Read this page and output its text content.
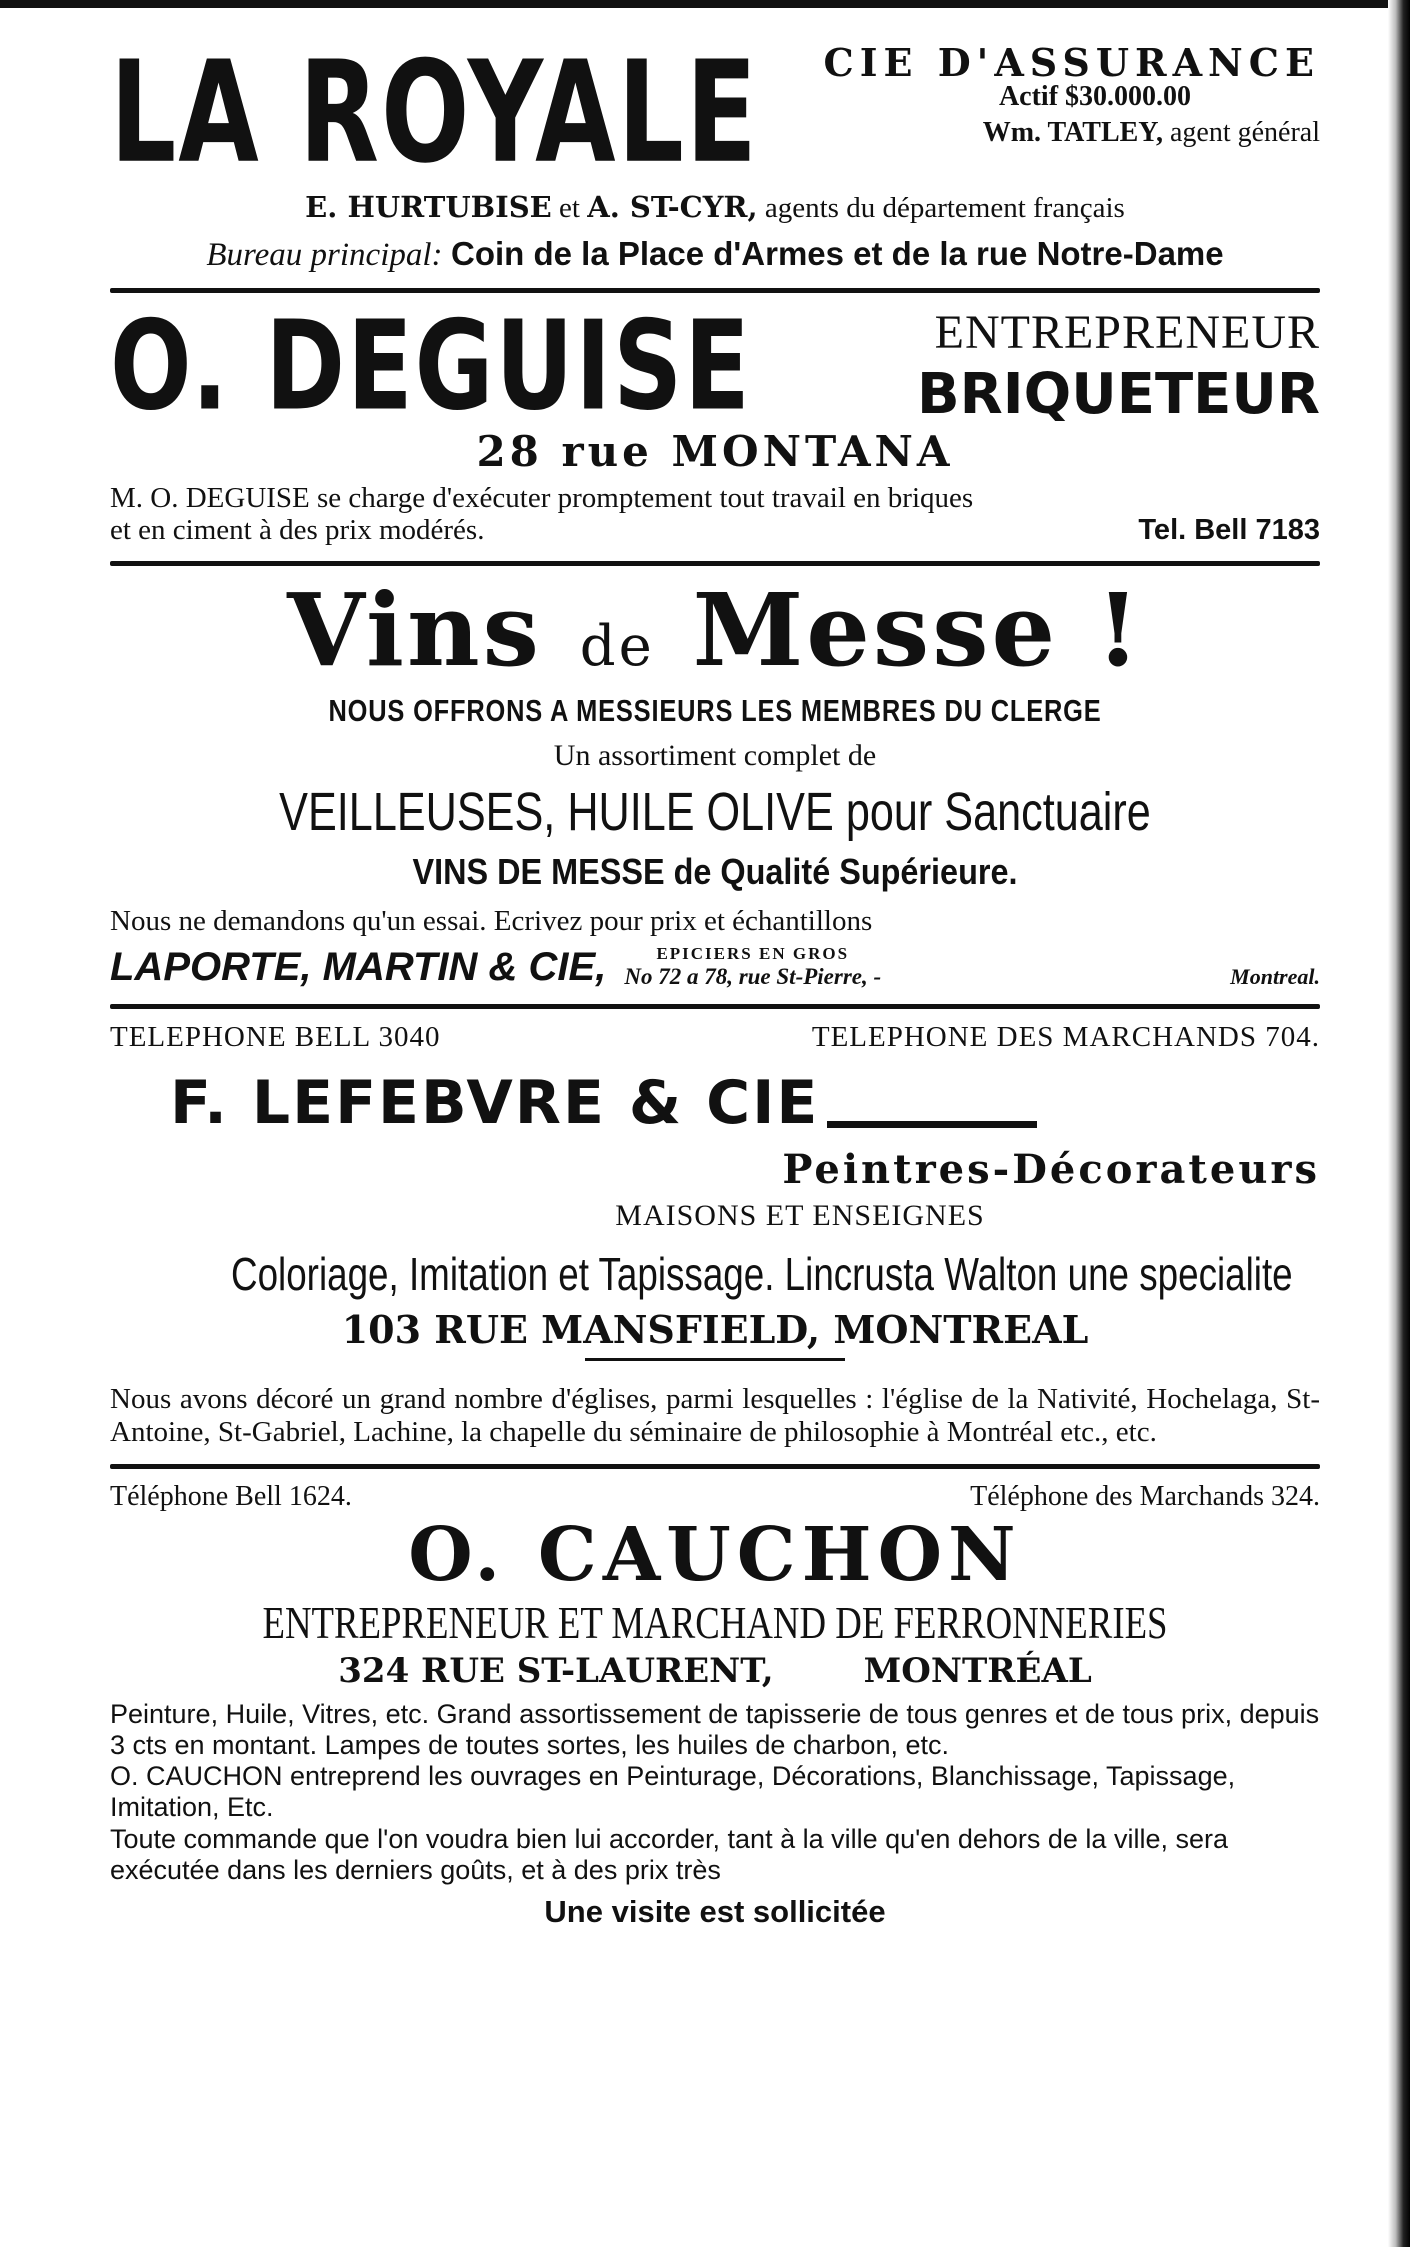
LA ROYALE	CIE D'ASSURANCE
Actif $30.000.00
Wm. TATLEY, agent général
E. HURTUBISE et A. ST-CYR, agents du département français
Bureau principal: Coin de la Place d'Armes et de la rue Notre-Dame
O. DEGUISE	ENTREPRENEUR
BRIQUETEUR
28 rue MONTANA
M. O. DEGUISE se charge d'exécuter promptement tout travail en briques
et en ciment à des prix modérés.	Tel. Bell 7183
Vins de Messe !
NOUS OFFRONS A MESSIEURS LES MEMBRES DU CLERGE
Un assortiment complet de
VEILLEUSES, HUILE OLIVE pour Sanctuaire
VINS DE MESSE de Qualité Supérieure.
Nous ne demandons qu'un essai. Ecrivez pour prix et échantillons
LAPORTE, MARTIN & CIE,	EPICIERS EN GROS
No 72 a 78, rue St-Pierre, -	Montreal.
TELEPHONE BELL 3040	TELEPHONE DES MARCHANDS 704.
F. LEFEBVRE & CIE
Peintres-Décorateurs
MAISONS ET ENSEIGNES
Coloriage, Imitation et Tapissage. Lincrusta Walton une specialite
103 RUE MANSFIELD, MONTREAL
Nous avons décoré un grand nombre d'églises, parmi lesquelles : l'église de la Nativité, Hochelaga, St-Antoine, St-Gabriel, Lachine, la chapelle du séminaire de philosophie à Montréal etc., etc.
Téléphone Bell 1624.	Téléphone des Marchands 324.
O. CAUCHON
ENTREPRENEUR ET MARCHAND DE FERRONNERIES
324 RUE ST-LAURENT,	MONTRÉAL

Peinture, Huile, Vitres, etc. Grand assortissement de tapisserie de tous genres et de tous prix, depuis 3 cts en montant. Lampes de toutes sortes, les huiles de charbon, etc.

O. CAUCHON entreprend les ouvrages en Peinturage, Décorations, Blanchissage, Tapissage, Imitation, Etc.

Toute commande que l'on voudra bien lui accorder, tant à la ville qu'en dehors de la ville, sera exécutée dans les derniers goûts, et à des prix très

Une visite est sollicitée
